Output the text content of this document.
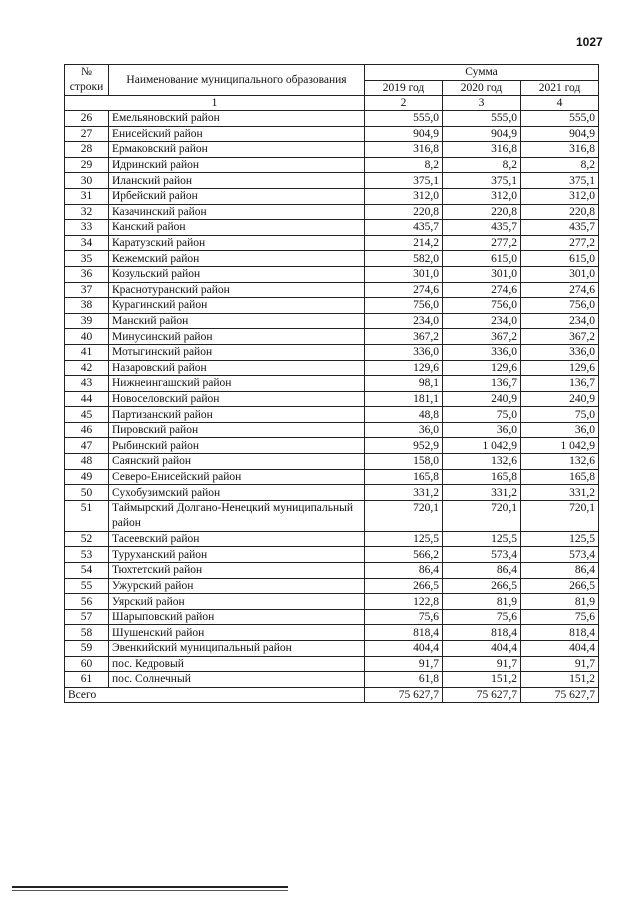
1027
№ строки	Наименование муниципального образования	Сумма		
		2019 год	2020 год	2021 год
1		2	3	4
26	Емельяновский район	555,0	555,0	555,0
27	Енисейский район	904,9	904,9	904,9
28	Ермаковский район	316,8	316,8	316,8
29	Идринский район	8,2	8,2	8,2
30	Иланский район	375,1	375,1	375,1
31	Ирбейский район	312,0	312,0	312,0
32	Казачинский район	220,8	220,8	220,8
33	Канский район	435,7	435,7	435,7
34	Каратузский район	214,2	277,2	277,2
35	Кежемский район	582,0	615,0	615,0
36	Козульский район	301,0	301,0	301,0
37	Краснотуранский район	274,6	274,6	274,6
38	Курагинский район	756,0	756,0	756,0
39	Манский район	234,0	234,0	234,0
40	Минусинский район	367,2	367,2	367,2
41	Мотыгинский район	336,0	336,0	336,0
42	Назаровский район	129,6	129,6	129,6
43	Нижнеингашский район	98,1	136,7	136,7
44	Новоселовский район	181,1	240,9	240,9
45	Партизанский район	48,8	75,0	75,0
46	Пировский район	36,0	36,0	36,0
47	Рыбинский район	952,9	1 042,9	1 042,9
48	Саянский район	158,0	132,6	132,6
49	Северо-Енисейский район	165,8	165,8	165,8
50	Сухобузимский район	331,2	331,2	331,2
51	Таймырский Долгано-Ненецкий муниципальный район	720,1	720,1	720,1
52	Тасеевский район	125,5	125,5	125,5
53	Туруханский район	566,2	573,4	573,4
54	Тюхтетский район	86,4	86,4	86,4
55	Ужурский район	266,5	266,5	266,5
56	Уярский район	122,8	81,9	81,9
57	Шарыповский район	75,6	75,6	75,6
58	Шушенский район	818,4	818,4	818,4
59	Эвенкийский муниципальный район	404,4	404,4	404,4
60	пос. Кедровый	91,7	91,7	91,7
61	пос. Солнечный	61,8	151,2	151,2
Всего		75 627,7	75 627,7	75 627,7
